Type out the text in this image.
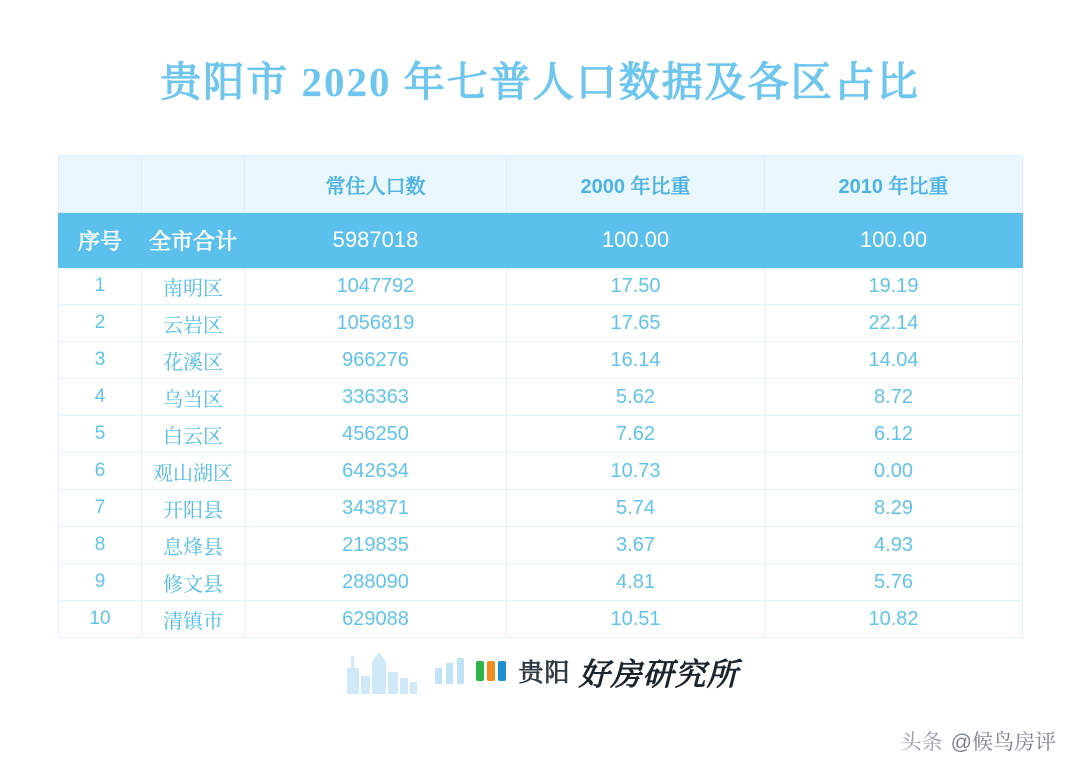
贵阳市 2020 年七普人口数据及各区占比
		常住人口数	2000 年比重	2010 年比重
序号	全市合计	5987018	100.00	100.00
1	南明区	1047792	17.50	19.19
2	云岩区	1056819	17.65	22.14
3	花溪区	966276	16.14	14.04
4	乌当区	336363	5.62	8.72
5	白云区	456250	7.62	6.12
6	观山湖区	642634	10.73	0.00
7	开阳县	343871	5.74	8.29
8	息烽县	219835	3.67	4.93
9	修文县	288090	4.81	5.76
10	清镇市	629088	10.51	10.82
贵阳 好房研究所
头条 @候鸟房评
